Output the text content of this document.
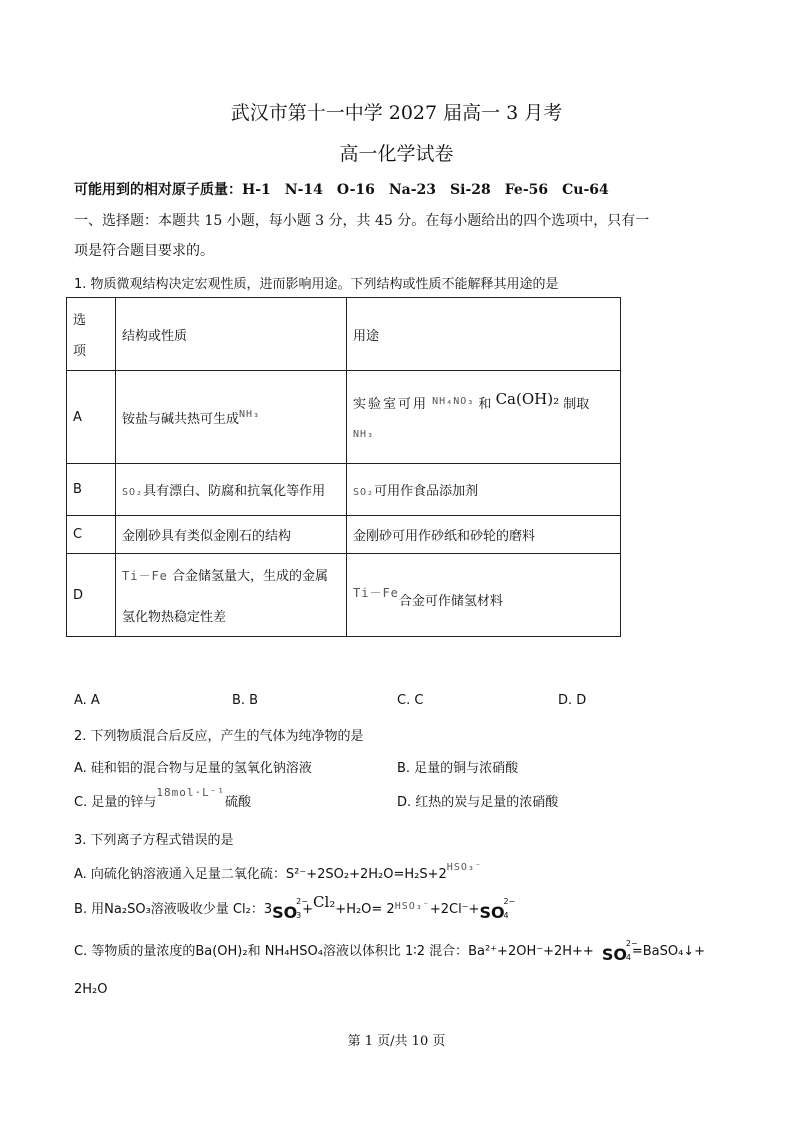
武汉市第十一中学 2027 届高一 3 月考
高一化学试卷
可能用到的相对原子质量：H-1　N-14　O-16　Na-23　Si-28　Fe-56　Cu-64
一、选择题：本题共 15 小题，每小题 3 分，共 45 分。在每小题给出的四个选项中，只有一
项是符合题目要求的。
1. 物质微观结构决定宏观性质，进而影响用途。下列结构或性质不能解释其用途的是
选
项	结构或性质	用途
A	铵盐与碱共热可生成$^{NH_3}$	实验室可用 $^{NH_4NO_3}$ 和 Ca(OH)₂ 制取
NH₃

B	SO₂具有漂白、防腐和抗氧化等作用	SO₂可用作食品添加剂
C	金刚砂具有类似金刚石的结构	金刚砂可用作砂纸和砂轮的磨料
D	Ti－Fe 合金储氢量大，生成的金属
氢化物热稳定性差	Ti－Fe合金可作储氢材料
A. A	B. B	C. C	D. D
2. 下列物质混合后反应，产生的气体为纯净物的是
A. 硅和铝的混合物与足量的氢氧化钠溶液	B. 足量的铜与浓硝酸
C. 足量的锌与$^{18mol\cdot L^{-1}}$硫酸	D. 红热的炭与足量的浓硝酸
3. 下列离子方程式错误的是
A. 向硫化钠溶液通入足量二氧化硫：$S^{2-}+2SO_2+2H_2O=H_2S+2^{HSO_3^-}$
B. 用Na₂SO₃溶液吸收少量 Cl₂：3 SO
2−
$3 +Cl_2+H_2O= 2^{HSO_3^-}+2Cl^-+$ SO
2−
4
C. 等物质的量浓度的Ba(OH)₂和 NH₄HSO₄溶液以体积比 1∶2 混合：Ba²⁺+2OH⁻+2H++ SO
2−
4 =BaSO₄↓+
2H₂O
第 1 页/共 10 页
